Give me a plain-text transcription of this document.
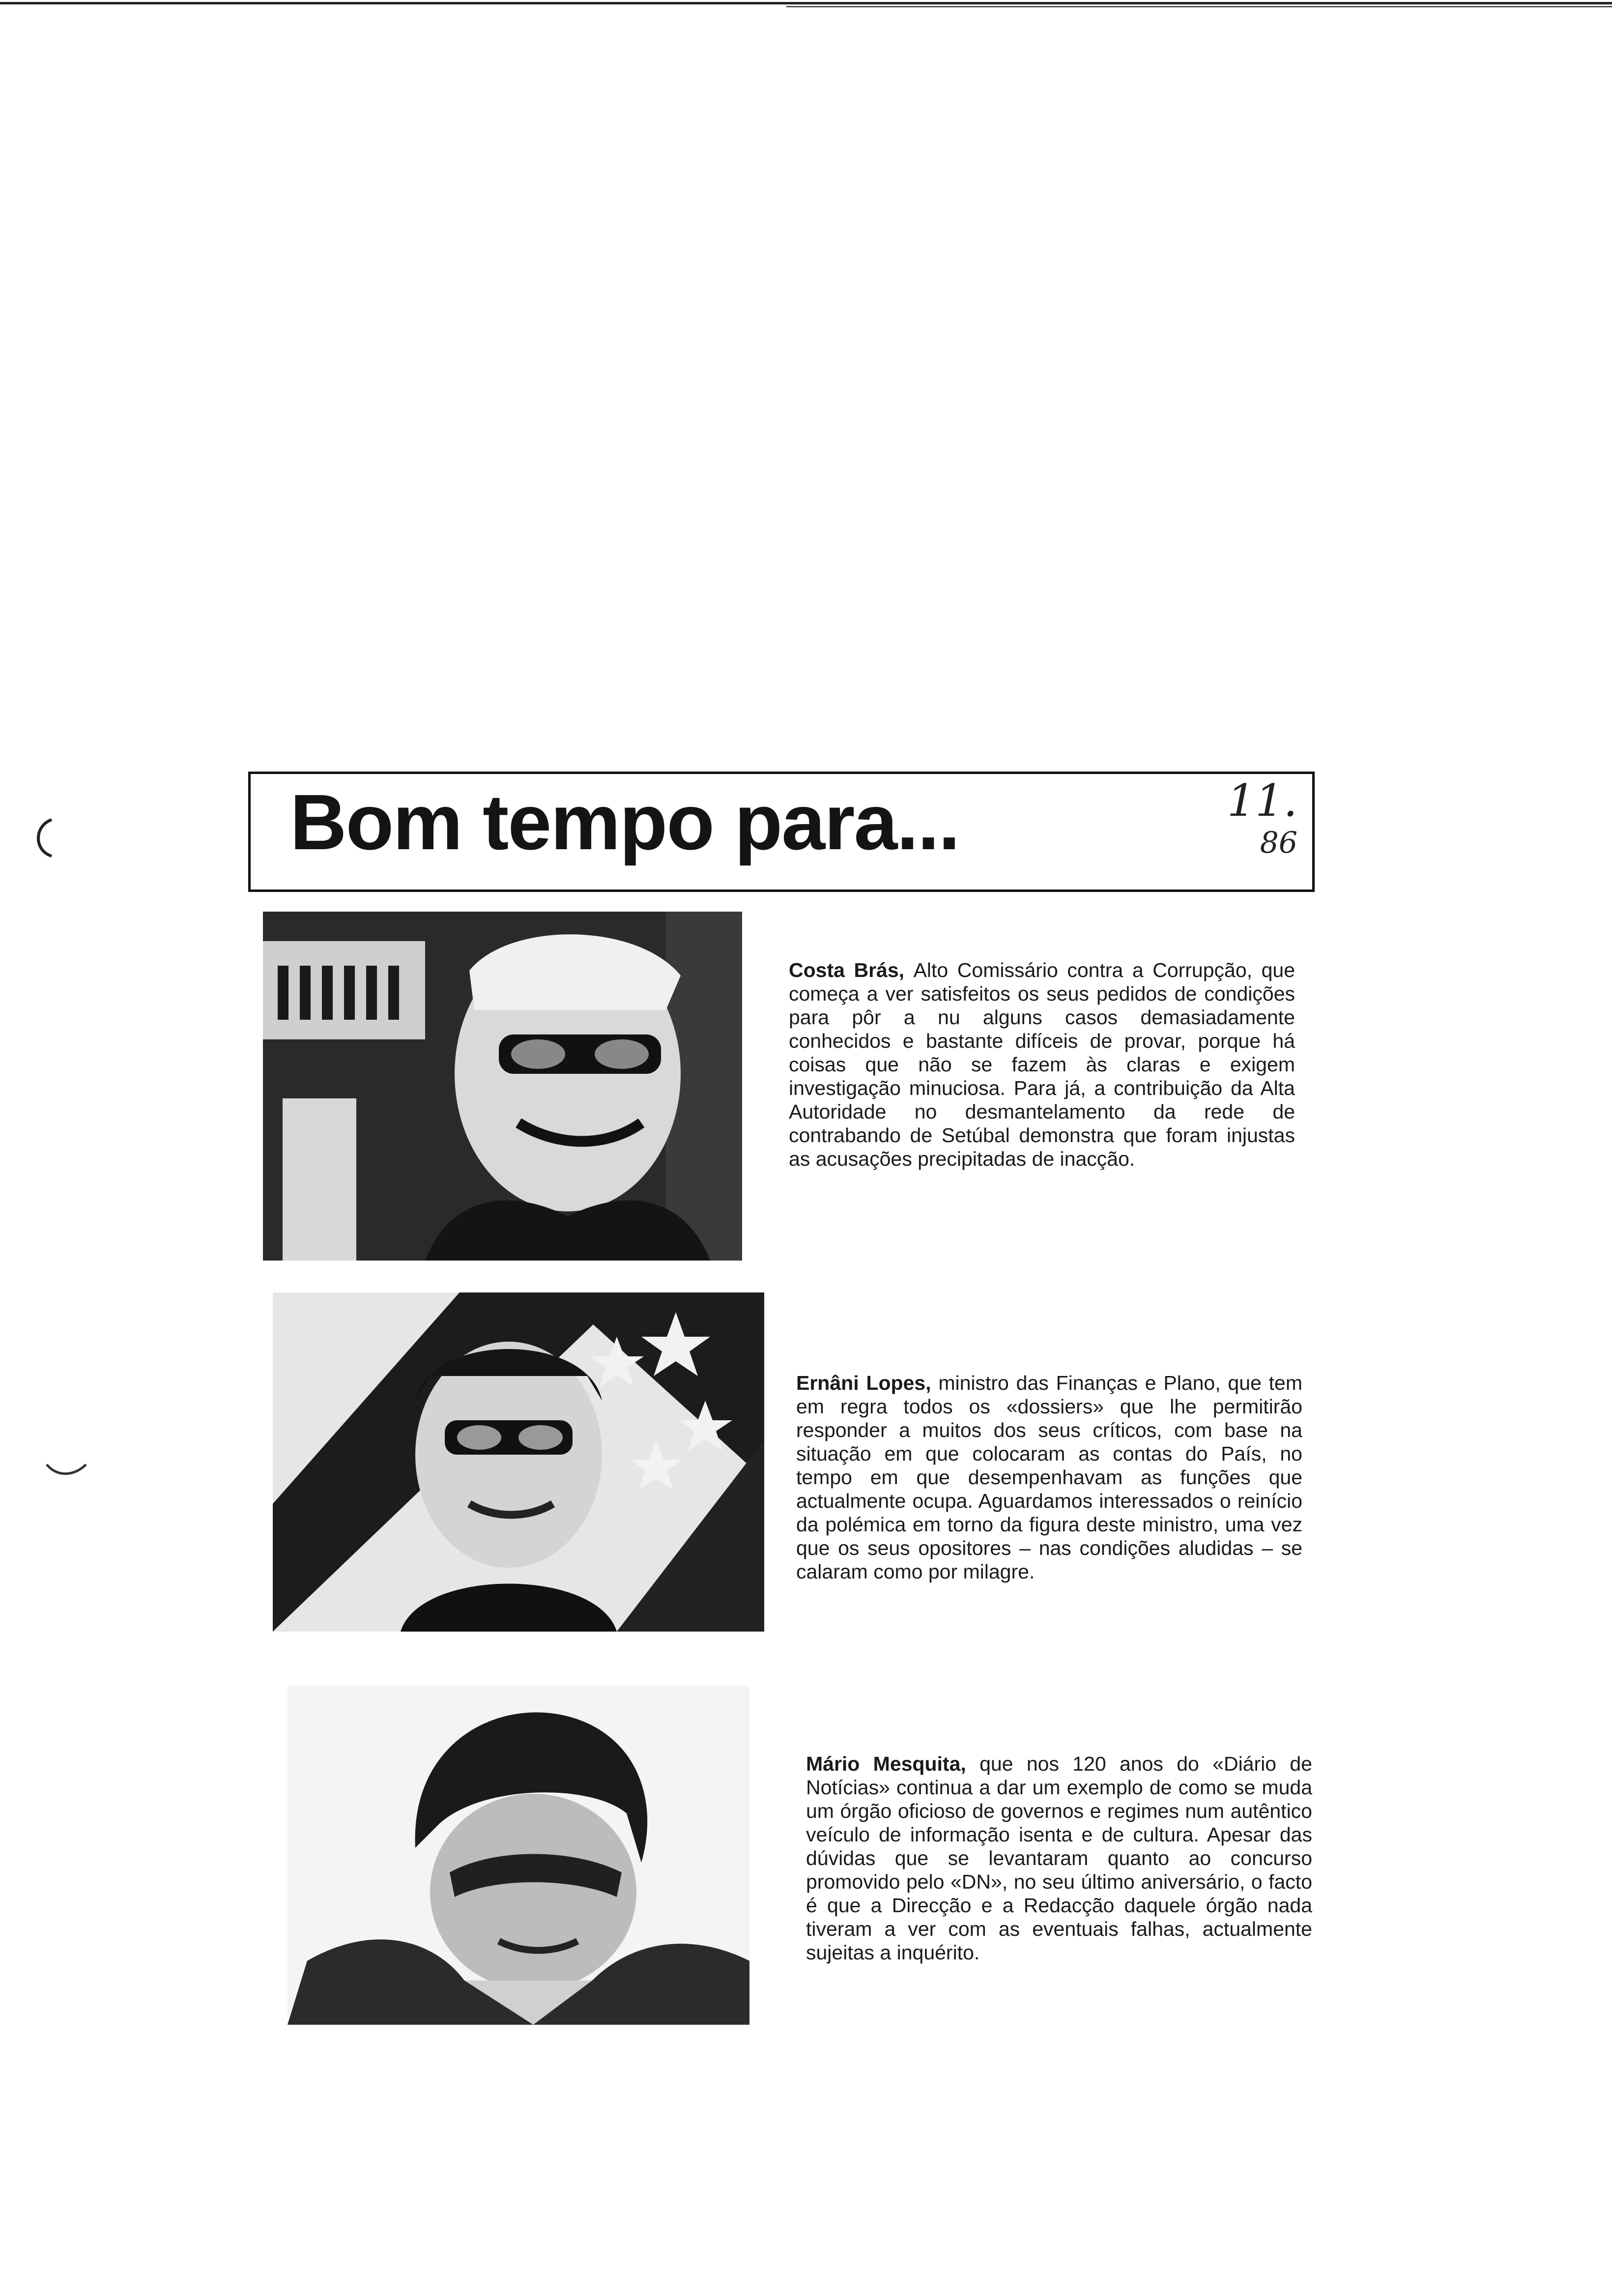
Bom tempo para...	11.
86
Costa Brás, Alto Comissário contra a Corrupção, que começa a ver satisfeitos os seus pedidos de condições para pôr a nu alguns casos demasiadamente conhecidos e bastante difíceis de provar, porque há coisas que não se fazem às claras e exigem investigação minuciosa. Para já, a contribuição da Alta Autoridade no desmantelamento da rede de contrabando de Setúbal demonstra que foram injustas as acusações precipitadas de inacção.
Ernâni Lopes, ministro das Finanças e Plano, que tem em regra todos os «dossiers» que lhe permitirão responder a muitos dos seus críticos, com base na situação em que colocaram as contas do País, no tempo em que desempenhavam as funções que actualmente ocupa. Aguardamos interessados o reinício da polémica em torno da figura deste ministro, uma vez que os seus opositores – nas condições aludidas – se calaram como por milagre.
Mário Mesquita, que nos 120 anos do «Diário de Notícias» continua a dar um exemplo de como se muda um órgão oficioso de governos e regimes num autêntico veículo de informação isenta e de cultura. Apesar das dúvidas que se levantaram quanto ao concurso promovido pelo «DN», no seu último aniversário, o facto é que a Direcção e a Redacção daquele órgão nada tiveram a ver com as eventuais falhas, actualmente sujeitas a inquérito.
